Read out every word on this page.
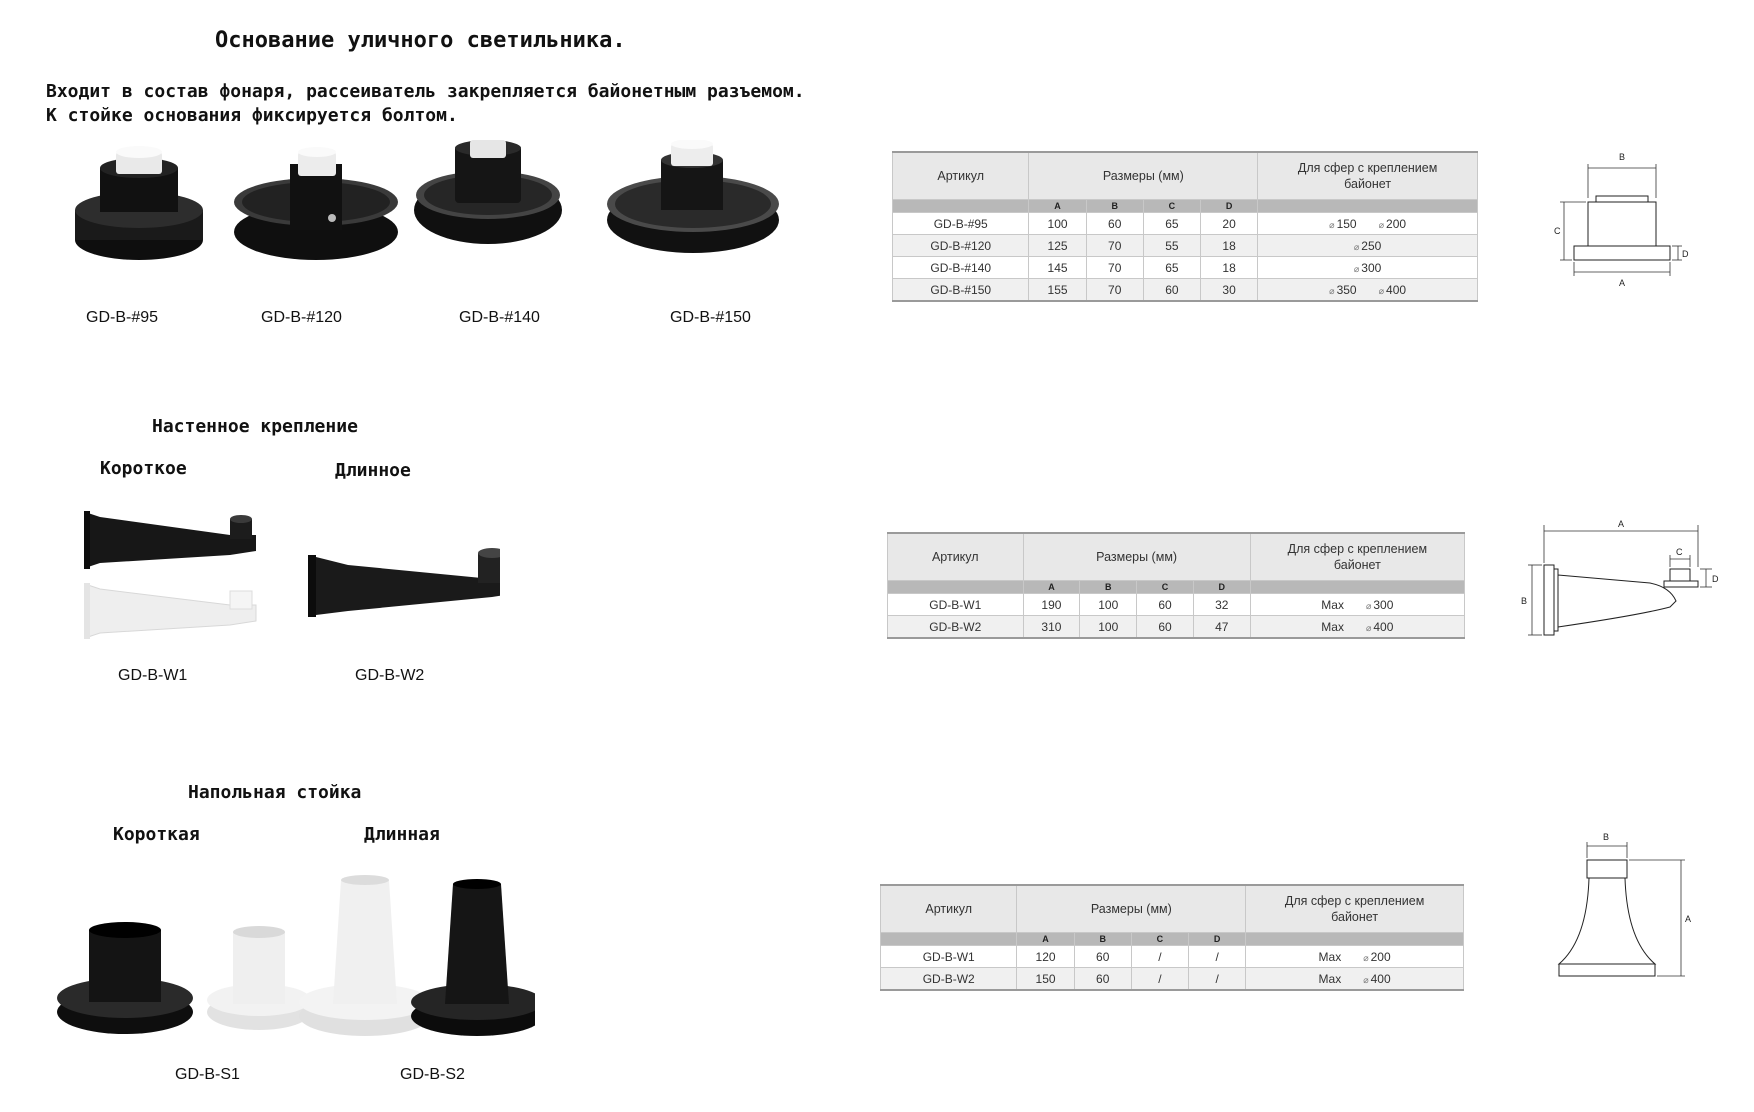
Основание уличного светильника.
Входит в состав фонаря, рассеиватель закрепляется байонетным разъемом.
К стойке основания фиксируется болтом.
GD-B-#95	GD-B-#120	GD-B-#140	GD-B-#150
Артикул	Размеры (мм)				Для сфер с креплением
байонет
	A	B	C	D	
GD-B-#95	100	60	65	20	⌀ 150 ⌀ 200
GD-B-#120	125	70	55	18	⌀ 250
GD-B-#140	145	70	65	18	⌀ 300
GD-B-#150	155	70	60	30	⌀ 350 ⌀ 400
B
C
A
D
Настенное крепление
Короткое	Длинное
GD-B-W1	GD-B-W2
Артикул	Размеры (мм)				Для сфер с креплением
байонет
	A	B	C	D	
GD-B-W1	190	100	60	32	Max ⌀ 300
GD-B-W2	310	100	60	47	Max ⌀ 400
A
C
B
D
Напольная стойка
Короткая	Длинная
GD-B-S1	GD-B-S2
Артикул	Размеры (мм)				Для сфер с креплением
байонет
	A	B	C	D	
GD-B-W1	120	60	/	/	Max ⌀ 200
GD-B-W2	150	60	/	/	Max ⌀ 400
B
A
